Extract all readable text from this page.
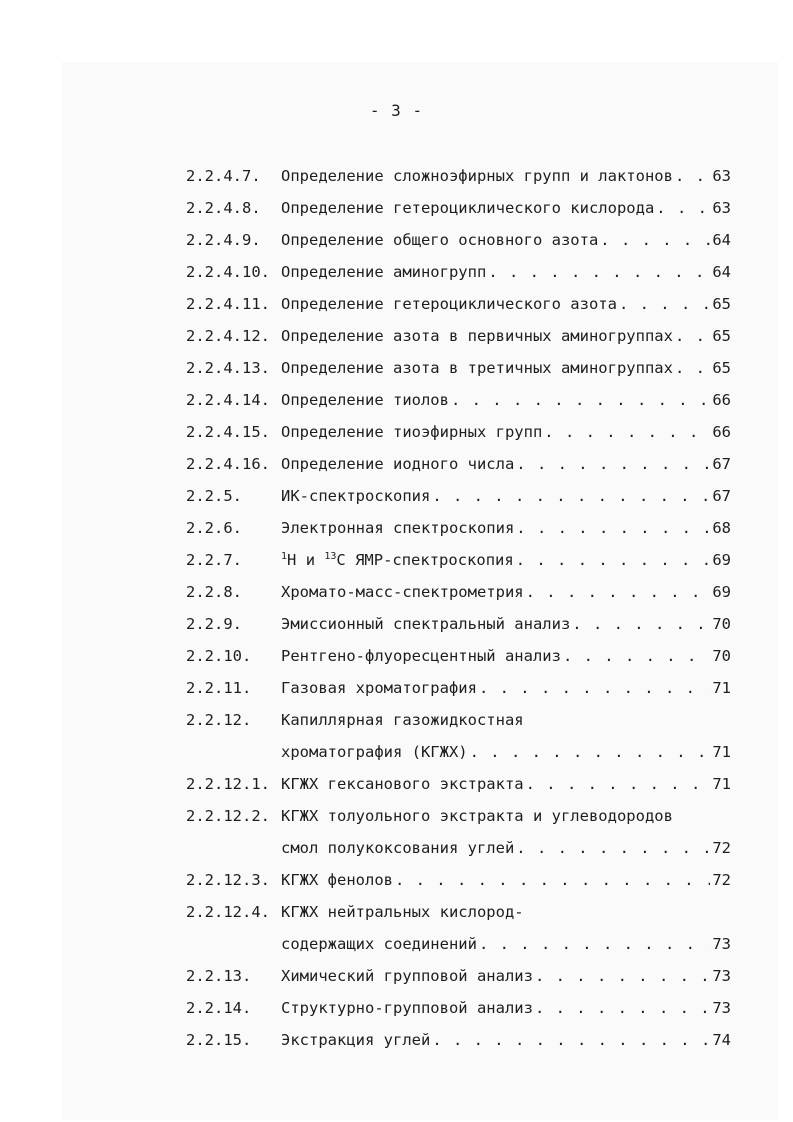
- 3 -
2.2.4.7. Определение сложноэфирных групп и лактонов . . .	63
2.2.4.8. Определение гетероциклического кислорода . . .	63
2.2.4.9. Определение общего основного азота . . .	64
2.2.4.10. Определение аминогрупп . . .	64
2.2.4.11. Определение гетероциклического азота . . .	65
2.2.4.12. Определение азота в первичных аминогруппах . . .	65
2.2.4.13. Определение азота в третичных аминогруппах . . .	65
2.2.4.14. Определение тиолов . . .	66
2.2.4.15. Определение тиоэфирных групп . . .	66
2.2.4.16. Определение иодного числа . . .	67
2.2.5.	ИК-спектроскопия . . .	67
2.2.6.	Электронная спектроскопия . . .	68
2.2.7.	$^1$H и $^{13}$C ЯМР-спектроскопия . . .	69
2.2.8.	Хромато-масс-спектрометрия . . .	69
2.2.9.	Эмиссионный спектральный анализ . . .	70
2.2.10. Рентгено-флуоресцентный анализ . . .	70
2.2.11. Газовая хроматография . . .	71
2.2.12. Капиллярная газожидкостная
хроматография (КГЖХ) . . .	71
2.2.12.1. КГЖХ гексанового экстракта . . .	71
2.2.12.2. КГЖХ толуольного экстракта и углеводородов
смол полукоксования углей . . .	72
2.2.12.3. КГЖХ фенолов . . .	72
2.2.12.4. КГЖХ нейтральных кислород-
содержащих соединений . . .	73
2.2.13. Химический групповой анализ . . .	73
2.2.14. Структурно-групповой анализ . . .	73
2.2.15. Экстракция углей . . .	74
